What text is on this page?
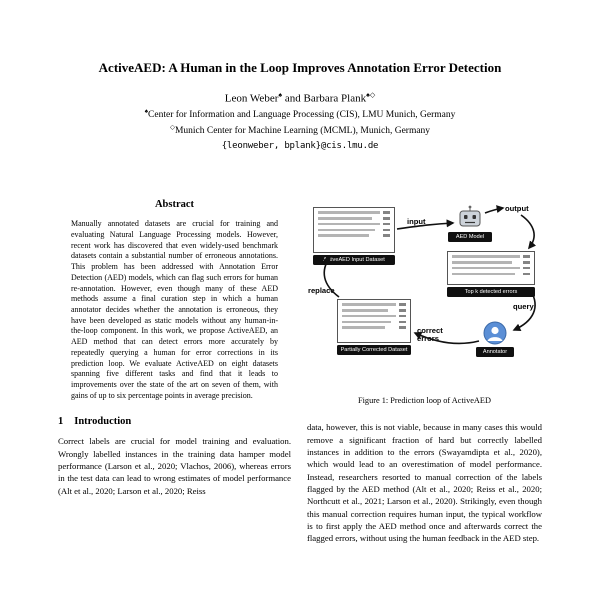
ActiveAED: A Human in the Loop Improves Annotation Error Detection
Leon Weber♠ and Barbara Plank♠◇
♠Center for Information and Language Processing (CIS), LMU Munich, Germany
◇Munich Center for Machine Learning (MCML), Munich, Germany
{leonweber, bplank}@cis.lmu.de
Abstract
Manually annotated datasets are crucial for training and evaluating Natural Language Processing models. However, recent work has discovered that even widely-used benchmark datasets contain a substantial number of erroneous annotations. This problem has been addressed with Annotation Error Detection (AED) models, which can flag such errors for human re-annotation. However, even though many of these AED methods assume a final curation step in which a human annotator decides whether the annotation is erroneous, they have been developed as static models without any human-in-the-loop component. In this work, we propose ActiveAED, an AED method that can detect errors more accurately by repeatedly querying a human for error corrections in its prediction loop. We evaluate ActiveAED on eight datasets spanning five different tasks and find that it leads to improvements over the state of the art on seven of them, with gains of up to six percentage points in average precision.
1 Introduction
Correct labels are crucial for model training and evaluation. Wrongly labelled instances in the training data hamper model performance (Larson et al., 2020; Vlachos, 2006), whereas errors in the test data can lead to wrong estimates of model performance (Alt et al., 2020; Larson et al., 2020; Reiss
ActiveAED Input Dataset
AED Model
input
output
Top k detected errors
query
Annotator
correct errors
Partially Corrected Dataset
replace
Figure 1: Prediction loop of ActiveAED
data, however, this is not viable, because in many cases this would remove a significant fraction of hard but correctly labelled instances in addition to the errors (Swayamdipta et al., 2020), which would lead to an overestimation of model performance. Instead, researchers resorted to manual correction of the labels flagged by the AED method (Alt et al., 2020; Reiss et al., 2020; Northcutt et al., 2021; Larson et al., 2020). Strikingly, even though this manual correction requires human input, the typical workflow is to first apply the AED method once and afterwards correct the flagged errors, without using the human feedback in the AED step.
